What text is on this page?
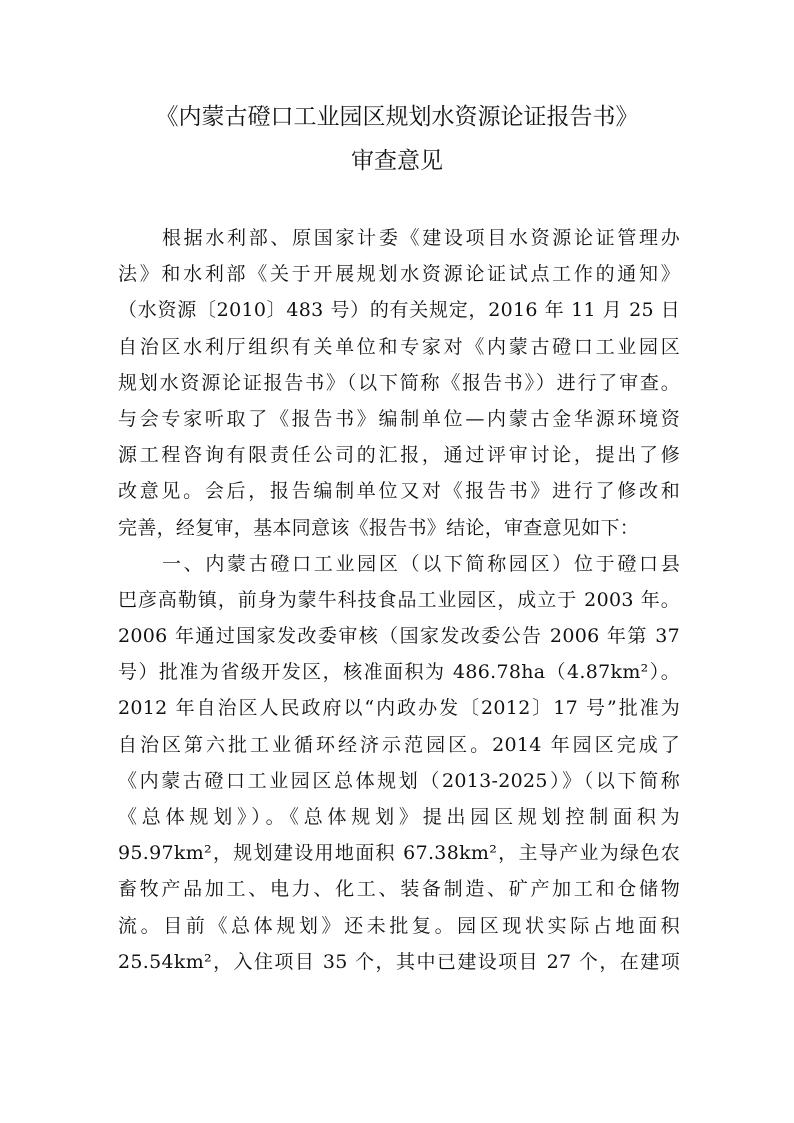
《内蒙古磴口工业园区规划水资源论证报告书》
审查意见
根据水利部、原国家计委《建设项目水资源论证管理办
法》和水利部《关于开展规划水资源论证试点工作的通知》
（水资源〔2010〕483 号）的有关规定，2016 年 11 月 25 日
自治区水利厅组织有关单位和专家对《内蒙古磴口工业园区
规划水资源论证报告书》（以下简称《报告书》）进行了审查。
与会专家听取了《报告书》编制单位—内蒙古金华源环境资
源工程咨询有限责任公司的汇报，通过评审讨论，提出了修
改意见。会后，报告编制单位又对《报告书》进行了修改和
完善，经复审，基本同意该《报告书》结论，审查意见如下：
一、内蒙古磴口工业园区（以下简称园区）位于磴口县
巴彦高勒镇，前身为蒙牛科技食品工业园区，成立于 2003 年。
2006 年通过国家发改委审核（国家发改委公告 2006 年第 37
号）批准为省级开发区，核准面积为 486.78ha（4.87km²）。
2012 年自治区人民政府以“内政办发〔2012〕17 号”批准为
自治区第六批工业循环经济示范园区。2014 年园区完成了
《内蒙古磴口工业园区总体规划（2013-2025）》（以下简称
《总体规划》）。《总体规划》提出园区规划控制面积为
95.97km²，规划建设用地面积 67.38km²，主导产业为绿色农
畜牧产品加工、电力、化工、装备制造、矿产加工和仓储物
流。目前《总体规划》还未批复。园区现状实际占地面积
25.54km²，入住项目 35 个，其中已建设项目 27 个，在建项
